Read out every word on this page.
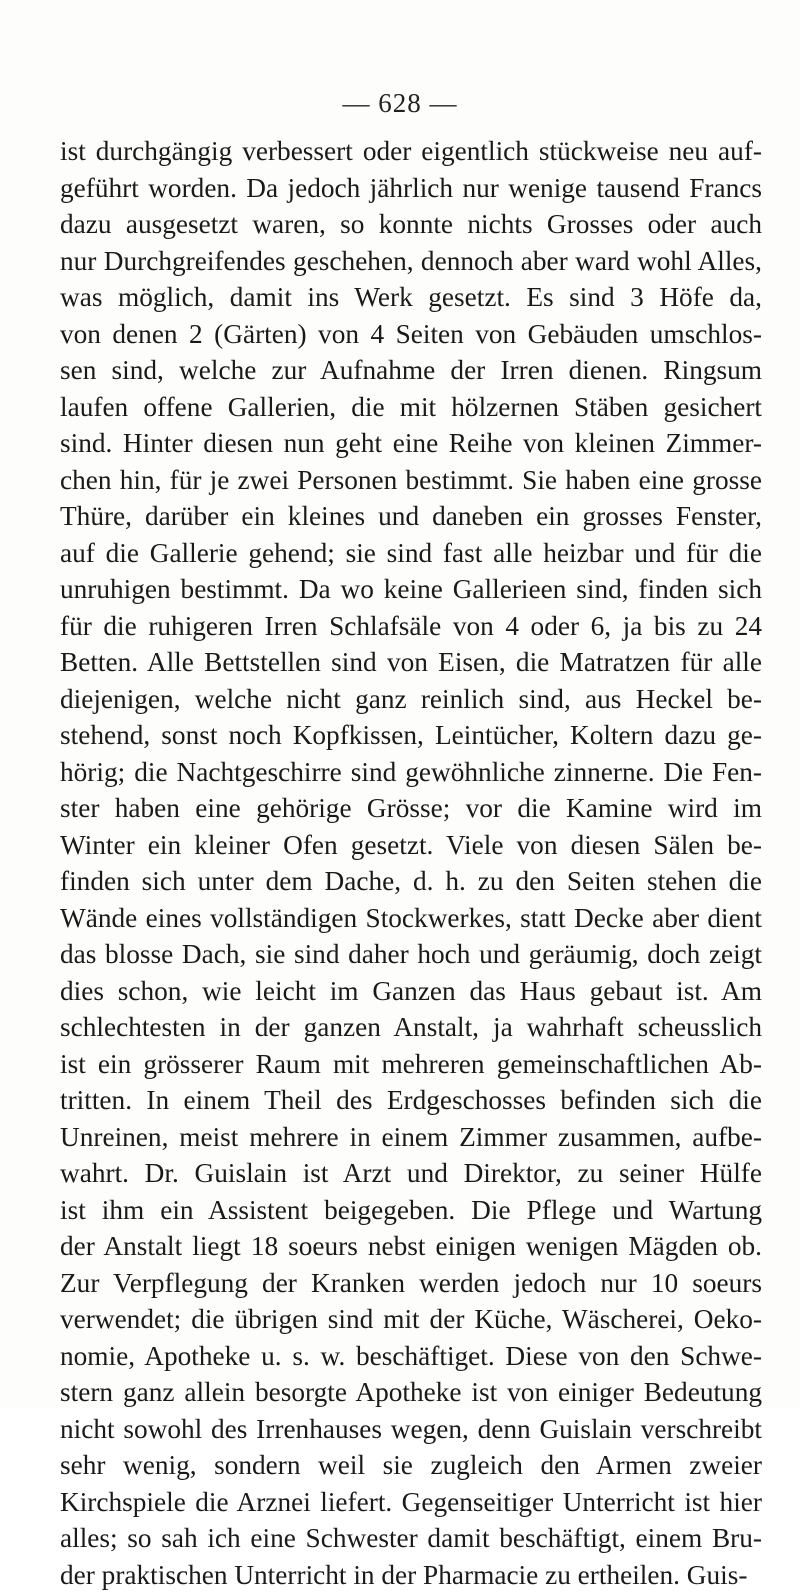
— 628 —
ist durchgängig verbessert oder eigentlich stückweise neu auf-
geführt worden. Da jedoch jährlich nur wenige tausend Francs
dazu ausgesetzt waren, so konnte nichts Grosses oder auch
nur Durchgreifendes geschehen, dennoch aber ward wohl Alles,
was möglich, damit ins Werk gesetzt. Es sind 3 Höfe da,
von denen 2 (Gärten) von 4 Seiten von Gebäuden umschlos-
sen sind, welche zur Aufnahme der Irren dienen. Ringsum
laufen offene Gallerien, die mit hölzernen Stäben gesichert
sind. Hinter diesen nun geht eine Reihe von kleinen Zimmer-
chen hin, für je zwei Personen bestimmt. Sie haben eine grosse
Thüre, darüber ein kleines und daneben ein grosses Fenster,
auf die Gallerie gehend; sie sind fast alle heizbar und für die
unruhigen bestimmt. Da wo keine Gallerieen sind, finden sich
für die ruhigeren Irren Schlafsäle von 4 oder 6, ja bis zu 24
Betten. Alle Bettstellen sind von Eisen, die Matratzen für alle
diejenigen, welche nicht ganz reinlich sind, aus Heckel be-
stehend, sonst noch Kopfkissen, Leintücher, Koltern dazu ge-
hörig; die Nachtgeschirre sind gewöhnliche zinnerne. Die Fen-
ster haben eine gehörige Grösse; vor die Kamine wird im
Winter ein kleiner Ofen gesetzt. Viele von diesen Sälen be-
finden sich unter dem Dache, d. h. zu den Seiten stehen die
Wände eines vollständigen Stockwerkes, statt Decke aber dient
das blosse Dach, sie sind daher hoch und geräumig, doch zeigt
dies schon, wie leicht im Ganzen das Haus gebaut ist. Am
schlechtesten in der ganzen Anstalt, ja wahrhaft scheusslich
ist ein grösserer Raum mit mehreren gemeinschaftlichen Ab-
tritten. In einem Theil des Erdgeschosses befinden sich die
Unreinen, meist mehrere in einem Zimmer zusammen, aufbe-
wahrt. Dr. Guislain ist Arzt und Direktor, zu seiner Hülfe
ist ihm ein Assistent beigegeben. Die Pflege und Wartung
der Anstalt liegt 18 soeurs nebst einigen wenigen Mägden ob.
Zur Verpflegung der Kranken werden jedoch nur 10 soeurs
verwendet; die übrigen sind mit der Küche, Wäscherei, Oeko-
nomie, Apotheke u. s. w. beschäftiget. Diese von den Schwe-
stern ganz allein besorgte Apotheke ist von einiger Bedeutung
nicht sowohl des Irrenhauses wegen, denn Guislain verschreibt
sehr wenig, sondern weil sie zugleich den Armen zweier
Kirchspiele die Arznei liefert. Gegenseitiger Unterricht ist hier
alles; so sah ich eine Schwester damit beschäftigt, einem Bru-
der praktischen Unterricht in der Pharmacie zu ertheilen. Guis-
